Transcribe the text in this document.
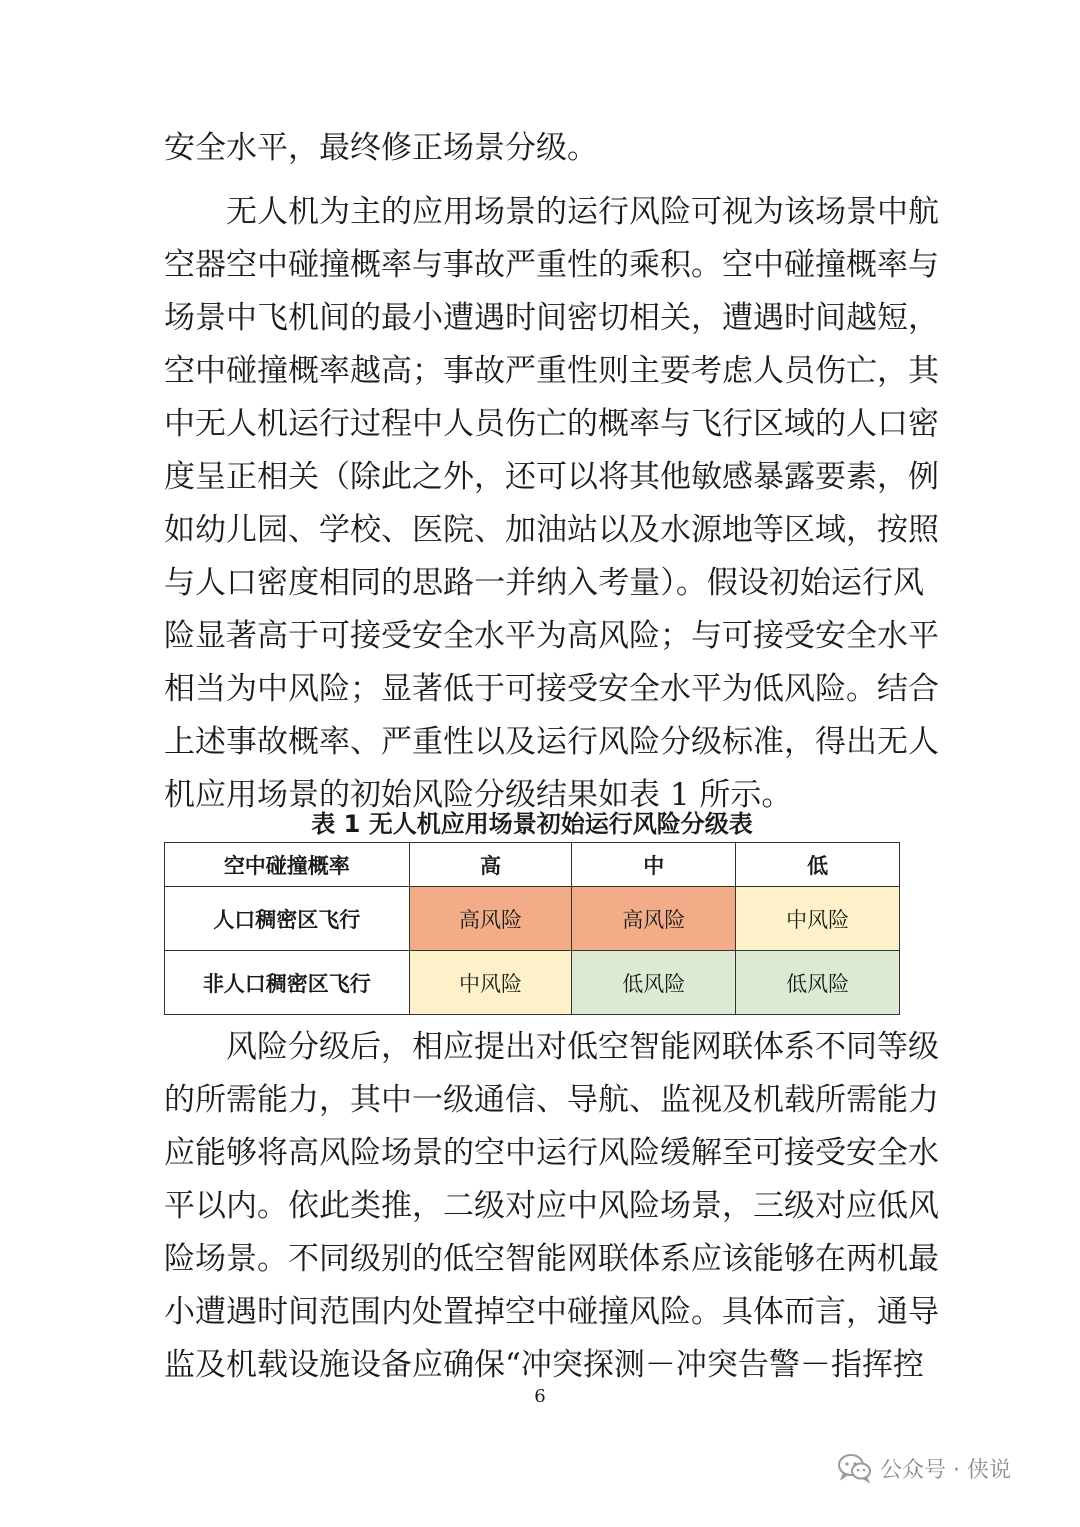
安全水平，最终修正场景分级。
无人机为主的应用场景的运行风险可视为该场景中航
空器空中碰撞概率与事故严重性的乘积。空中碰撞概率与
场景中飞机间的最小遭遇时间密切相关，遭遇时间越短，
空中碰撞概率越高；事故严重性则主要考虑人员伤亡，其
中无人机运行过程中人员伤亡的概率与飞行区域的人口密
度呈正相关（除此之外，还可以将其他敏感暴露要素，例
如幼儿园、学校、医院、加油站以及水源地等区域，按照
与人口密度相同的思路一并纳入考量）。假设初始运行风
险显著高于可接受安全水平为高风险；与可接受安全水平
相当为中风险；显著低于可接受安全水平为低风险。结合
上述事故概率、严重性以及运行风险分级标准，得出无人
机应用场景的初始风险分级结果如表 1 所示。
表 1 无人机应用场景初始运行风险分级表
空中碰撞概率	高	中	低
人口稠密区飞行	高风险	高风险	中风险
非人口稠密区飞行	中风险	低风险	低风险
风险分级后，相应提出对低空智能网联体系不同等级
的所需能力，其中一级通信、导航、监视及机载所需能力
应能够将高风险场景的空中运行风险缓解至可接受安全水
平以内。依此类推，二级对应中风险场景，三级对应低风
险场景。不同级别的低空智能网联体系应该能够在两机最
小遭遇时间范围内处置掉空中碰撞风险。具体而言，通导
监及机载设施设备应确保“冲突探测－冲突告警－指挥控
6
公众号 · 侠说
